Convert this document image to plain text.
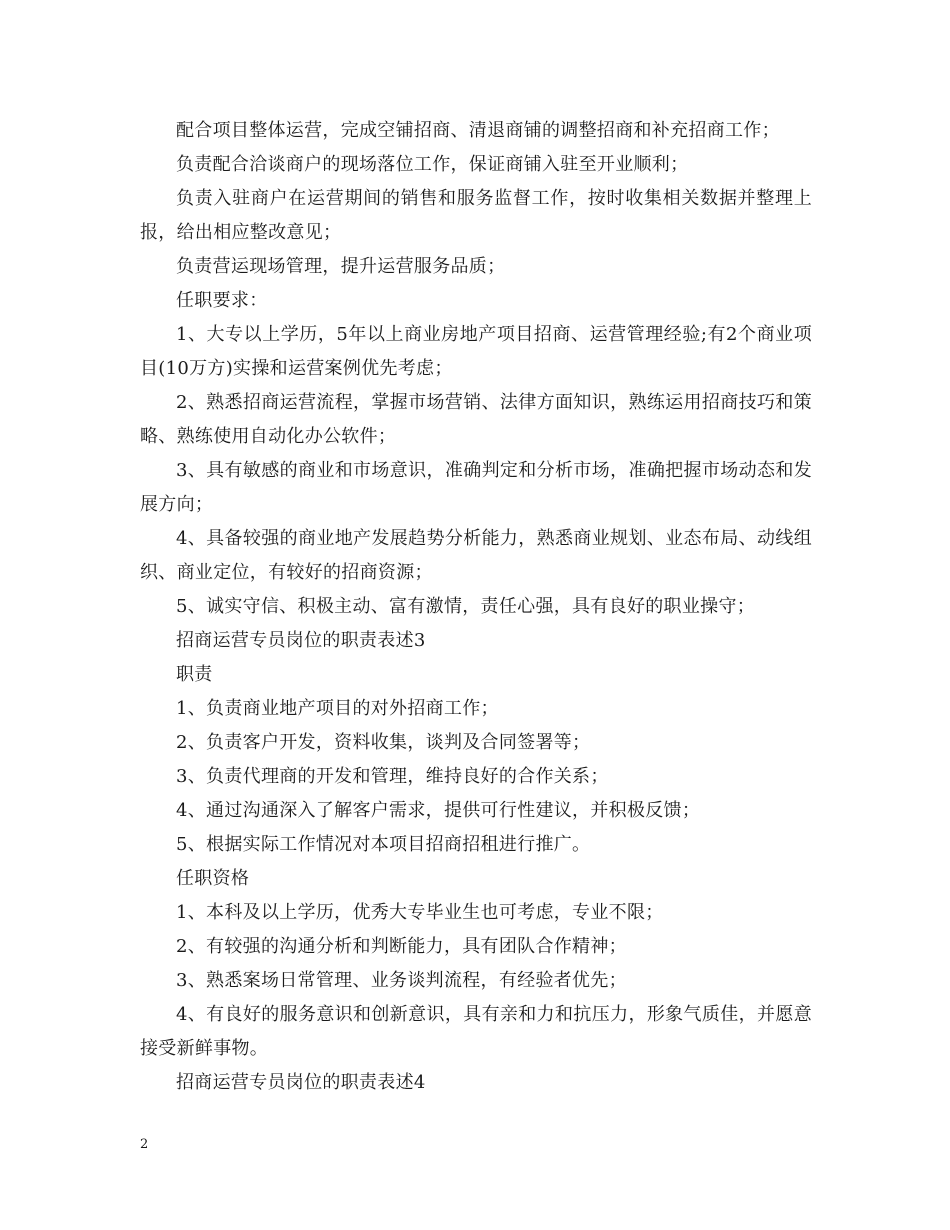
配合项目整体运营，完成空铺招商、清退商铺的调整招商和补充招商工作；

负责配合洽谈商户的现场落位工作，保证商铺入驻至开业顺利；

负责入驻商户在运营期间的销售和服务监督工作，按时收集相关数据并整理上报，给出相应整改意见；

负责营运现场管理，提升运营服务品质；

任职要求：

1、大专以上学历，5年以上商业房地产项目招商、运营管理经验;有2个商业项目(10万方)实操和运营案例优先考虑；

2、熟悉招商运营流程，掌握市场营销、法律方面知识，熟练运用招商技巧和策略、熟练使用自动化办公软件；

3、具有敏感的商业和市场意识，准确判定和分析市场，准确把握市场动态和发展方向；

4、具备较强的商业地产发展趋势分析能力，熟悉商业规划、业态布局、动线组织、商业定位，有较好的招商资源；

5、诚实守信、积极主动、富有激情，责任心强，具有良好的职业操守；

招商运营专员岗位的职责表述3

职责

1、负责商业地产项目的对外招商工作；

2、负责客户开发，资料收集，谈判及合同签署等；

3、负责代理商的开发和管理，维持良好的合作关系；

4、通过沟通深入了解客户需求，提供可行性建议，并积极反馈；

5、根据实际工作情况对本项目招商招租进行推广。

任职资格

1、本科及以上学历，优秀大专毕业生也可考虑，专业不限；

2、有较强的沟通分析和判断能力，具有团队合作精神；

3、熟悉案场日常管理、业务谈判流程，有经验者优先；

4、有良好的服务意识和创新意识，具有亲和力和抗压力，形象气质佳，并愿意接受新鲜事物。

招商运营专员岗位的职责表述4

2
